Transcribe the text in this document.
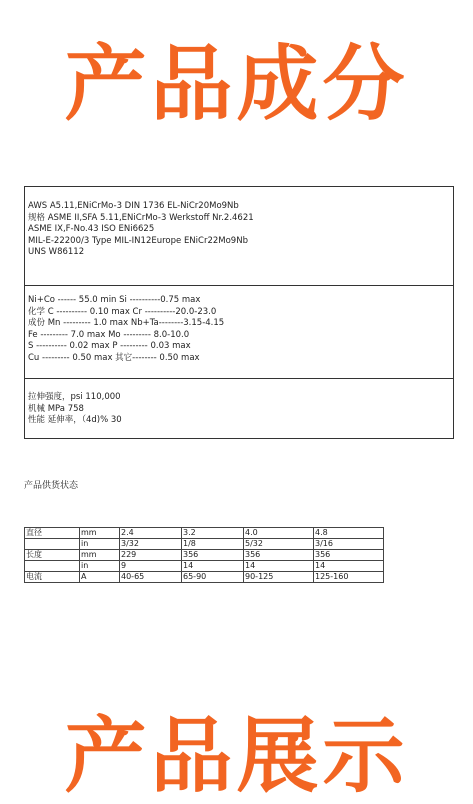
产品成分
AWS A5.11,ENiCrMo-3 DIN 1736 EL-NiCr20Mo9Nb
规格 ASME II,SFA 5.11,ENiCrMo-3 Werkstoff Nr.2.4621
ASME IX,F-No.43 ISO ENi6625
MIL-E-22200/3 Type MIL-IN12Europe ENiCr22Mo9Nb
UNS W86112
Ni+Co ------ 55.0 min Si ----------0.75 max
化学 C ---------- 0.10 max Cr ----------20.0-23.0
成份 Mn --------- 1.0 max Nb+Ta--------3.15-4.15
Fe --------- 7.0 max Mo --------- 8.0-10.0
S ---------- 0.02 max P --------- 0.03 max
Cu --------- 0.50 max 其它-------- 0.50 max
拉伸强度，psi 110,000
机械 MPa 758
性能 延伸率，（4d)% 30
产品供货状态
直径	mm	2.4	3.2	4.0	4.8
	in	3/32	1/8	5/32	3/16
长度	mm	229	356	356	356
	in	9	14	14	14
电流	A	40-65	65-90	90-125	125-160
产品展示
